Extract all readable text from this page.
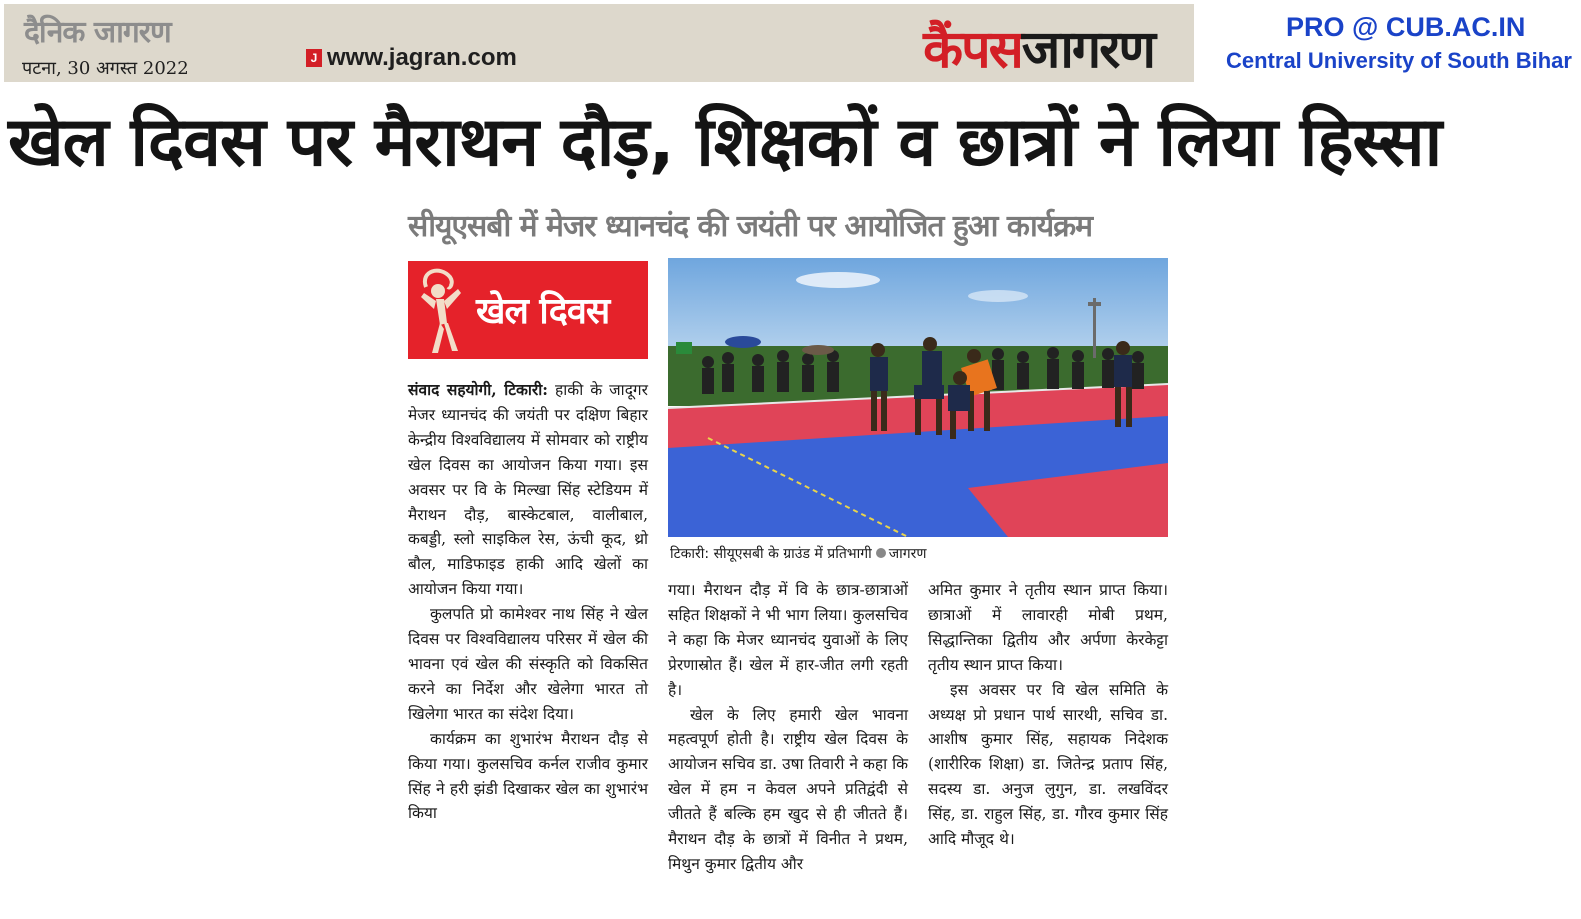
दैनिक जागरण
पटना, 30 अगस्त 2022	J www.jagran.com	कैंपसजागरण	PRO @ CUB.AC.IN
Central University of South Bihar
खेल दिवस पर मैराथन दौड़, शिक्षकों व छात्रों ने लिया हिस्सा
सीयूएसबी में मेजर ध्यानचंद की जयंती पर आयोजित हुआ कार्यक्रम
खेल दिवस
टिकारी: सीयूएसबी के ग्राउंड में प्रतिभागी जागरण

संवाद सहयोगी, टिकारी: हाकी के जादूगर मेजर ध्यानचंद की जयंती पर दक्षिण बिहार केन्द्रीय विश्वविद्यालय में सोमवार को राष्ट्रीय खेल दिवस का आयोजन किया गया। इस अवसर पर वि के मिल्खा सिंह स्टेडियम में मैराथन दौड़, बास्केटबाल, वालीबाल, कबड्डी, स्लो साइकिल रेस, ऊंची कूद, थ्रो बौल, माडिफाइड हाकी आदि खेलों का आयोजन किया गया।

कुलपति प्रो कामेश्वर नाथ सिंह ने खेल दिवस पर विश्वविद्यालय परिसर में खेल की भावना एवं खेल की संस्कृति को विकसित करने का निर्देश और खेलेगा भारत तो खिलेगा भारत का संदेश दिया।

कार्यक्रम का शुभारंभ मैराथन दौड़ से किया गया। कुलसचिव कर्नल राजीव कुमार सिंह ने हरी झंडी दिखाकर खेल का शुभारंभ किया

गया। मैराथन दौड़ में वि के छात्र-छात्राओं सहित शिक्षकों ने भी भाग लिया। कुलसचिव ने कहा कि मेजर ध्यानचंद युवाओं के लिए प्रेरणास्रोत हैं। खेल में हार-जीत लगी रहती है।

खेल के लिए हमारी खेल भावना महत्वपूर्ण होती है। राष्ट्रीय खेल दिवस के आयोजन सचिव डा. उषा तिवारी ने कहा कि खेल में हम न केवल अपने प्रतिद्वंदी से जीतते हैं बल्कि हम खुद से ही जीतते हैं। मैराथन दौड़ के छात्रों में विनीत ने प्रथम, मिथुन कुमार द्वितीय और

अमित कुमार ने तृतीय स्थान प्राप्त किया। छात्राओं में लावारही मोबी प्रथम, सिद्धान्तिका द्वितीय और अर्पणा केरकेट्टा तृतीय स्थान प्राप्त किया।

इस अवसर पर वि खेल समिति के अध्यक्ष प्रो प्रधान पार्थ सारथी, सचिव डा. आशीष कुमार सिंह, सहायक निदेशक (शारीरिक शिक्षा) डा. जितेन्द्र प्रताप सिंह, सदस्य डा. अनुज लुगुन, डा. लखविंदर सिंह, डा. राहुल सिंह, डा. गौरव कुमार सिंह आदि मौजूद थे।
